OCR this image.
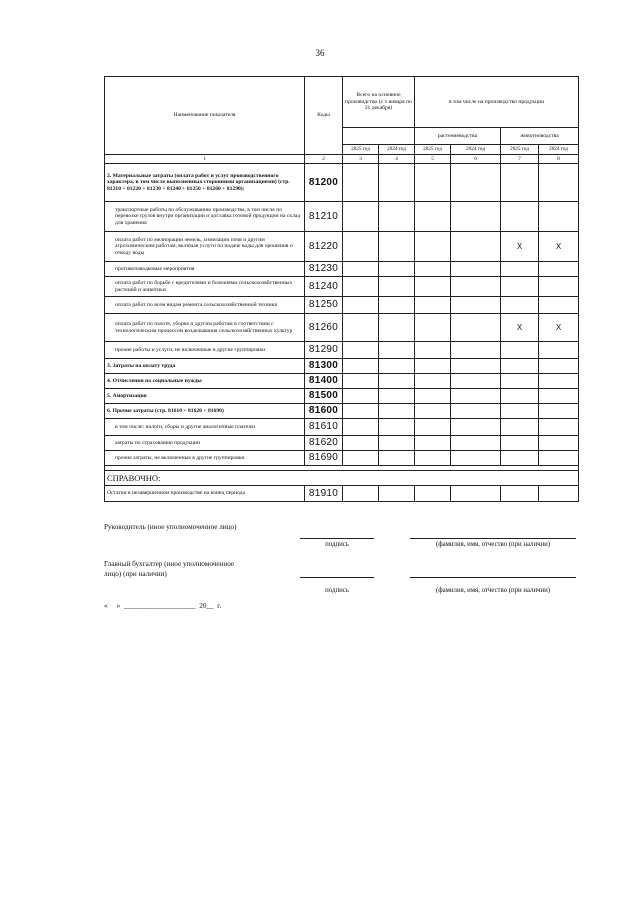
36
Наименование показателя	Коды	Всего на основное производство (с 1 января по 31 декабря)		в том числе на производство продукции			
				растениеводства		животноводства	
		2025 год	2024 год	2025 год	2024 год	2025 год	2024 год
1	2	3	4	5	6	7	8
2. Материальные затраты (оплата работ и услуг производственного характера, в том числе выполненных сторонними организациями) (стр. 81210 + 81220 + 81230 + 81240 + 81250 + 81260 + 81290):	81200						
транспортные работы по обслуживанию производства, в том числе по перевозке грузов внутри организации и доставка готовой продукции на склад для хранения	81210						
оплата работ по мелиорации земель, химизации почв и другим агрохимическим работам, включая услуги по подаче воды для орошения и отводу воды	81220					X	X
противопаводковые мероприятия	81230						
оплата работ по борьбе с вредителями и болезнями сельскохозяйственных растений и животных	81240						
оплата работ по всем видам ремонта сельскохозяйственной техники	81250						
оплата работ по пахоте, уборке и другим работам в соответствии с технологическим процессом возделывания сельскохозяйственных культур	81260					X	X
прочие работы и услуги, не включенные в другие группировки	81290						
3. Затраты на оплату труда	81300						
4. Отчисления на социальные нужды	81400						
5. Амортизация	81500						
6. Прочие затраты (стр. 81610 + 81620 + 81690)	81600						
в том числе: налоги, сборы и другие аналогичные платежи	81610						
затраты по страхованию продукции	81620						
прочие затраты, не включенные в другие группировки	81690						

СПРАВОЧНО:							
Остатки в незавершенном производстве на конец периода	81910						
Руководитель (иное уполномоченное лицо)
подпись	(фамилия, имя, отчество (при наличии)
Главный бухгалтер (иное уполномоченное
лицо) (при наличии)
подпись	(фамилия, имя, отчество (при наличии)
«     »  ____________________  20__  г.
